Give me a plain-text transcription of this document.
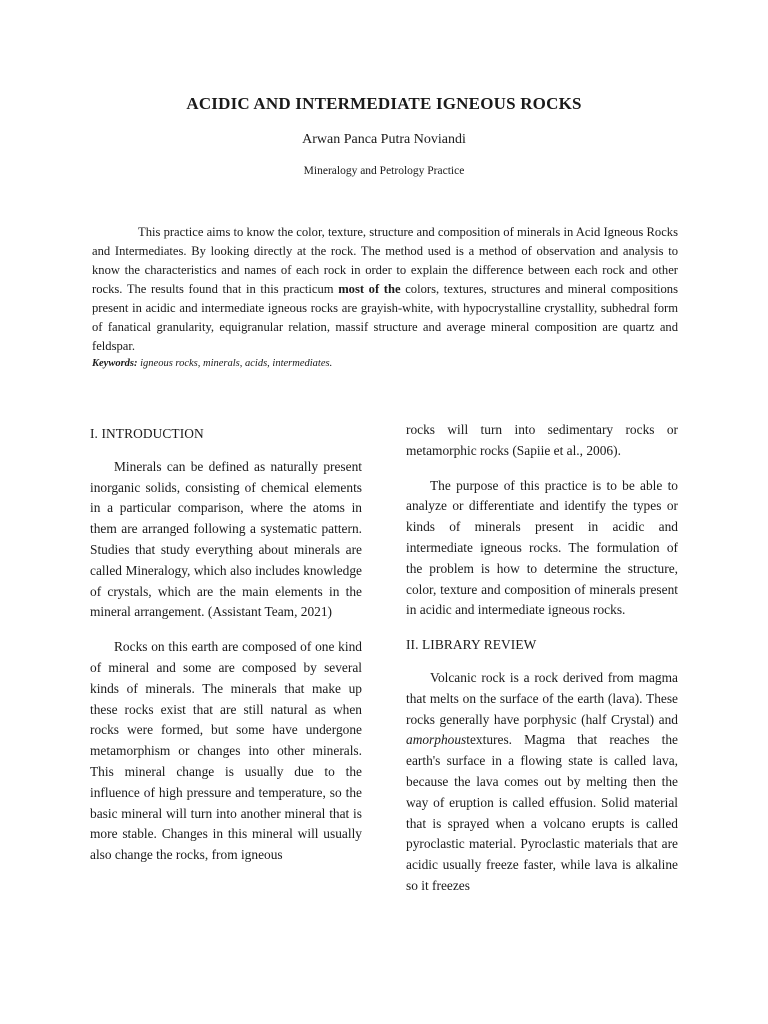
ACIDIC AND INTERMEDIATE IGNEOUS ROCKS
Arwan Panca Putra Noviandi
Mineralogy and Petrology Practice

This practice aims to know the color, texture, structure and composition of minerals in Acid Igneous Rocks and Intermediates. By looking directly at the rock. The method used is a method of observation and analysis to know the characteristics and names of each rock in order to explain the difference between each rock and other rocks. The results found that in this practicum most of the colors, textures, structures and mineral compositions present in acidic and intermediate igneous rocks are grayish-white, with hypocrystalline crystallity, subhedral form of fanatical granularity, equigranular relation, massif structure and average mineral composition are quartz and feldspar.

Keywords: igneous rocks, minerals, acids, intermediates.

I. INTRODUCTION

Minerals can be defined as naturally present inorganic solids, consisting of chemical elements in a particular comparison, where the atoms in them are arranged following a systematic pattern. Studies that study everything about minerals are called Mineralogy, which also includes knowledge of crystals, which are the main elements in the mineral arrangement. (Assistant Team, 2021)

Rocks on this earth are composed of one kind of mineral and some are composed by several kinds of minerals. The minerals that make up these rocks exist that are still natural as when rocks were formed, but some have undergone metamorphism or changes into other minerals. This mineral change is usually due to the influence of high pressure and temperature, so the basic mineral will turn into another mineral that is more stable. Changes in this mineral will usually also change the rocks, from igneous

rocks will turn into sedimentary rocks or metamorphic rocks (Sapiie et al., 2006).

The purpose of this practice is to be able to analyze or differentiate and identify the types or kinds of minerals present in acidic and intermediate igneous rocks. The formulation of the problem is how to determine the structure, color, texture and composition of minerals present in acidic and intermediate igneous rocks.

II. LIBRARY REVIEW

Volcanic rock is a rock derived from magma that melts on the surface of the earth (lava). These rocks generally have porphysic (half Crystal) and amorphoustextures. Magma that reaches the earth's surface in a flowing state is called lava, because the lava comes out by melting then the way of eruption is called effusion. Solid material that is sprayed when a volcano erupts is called pyroclastic material. Pyroclastic materials that are acidic usually freeze faster, while lava is alkaline so it freezes
